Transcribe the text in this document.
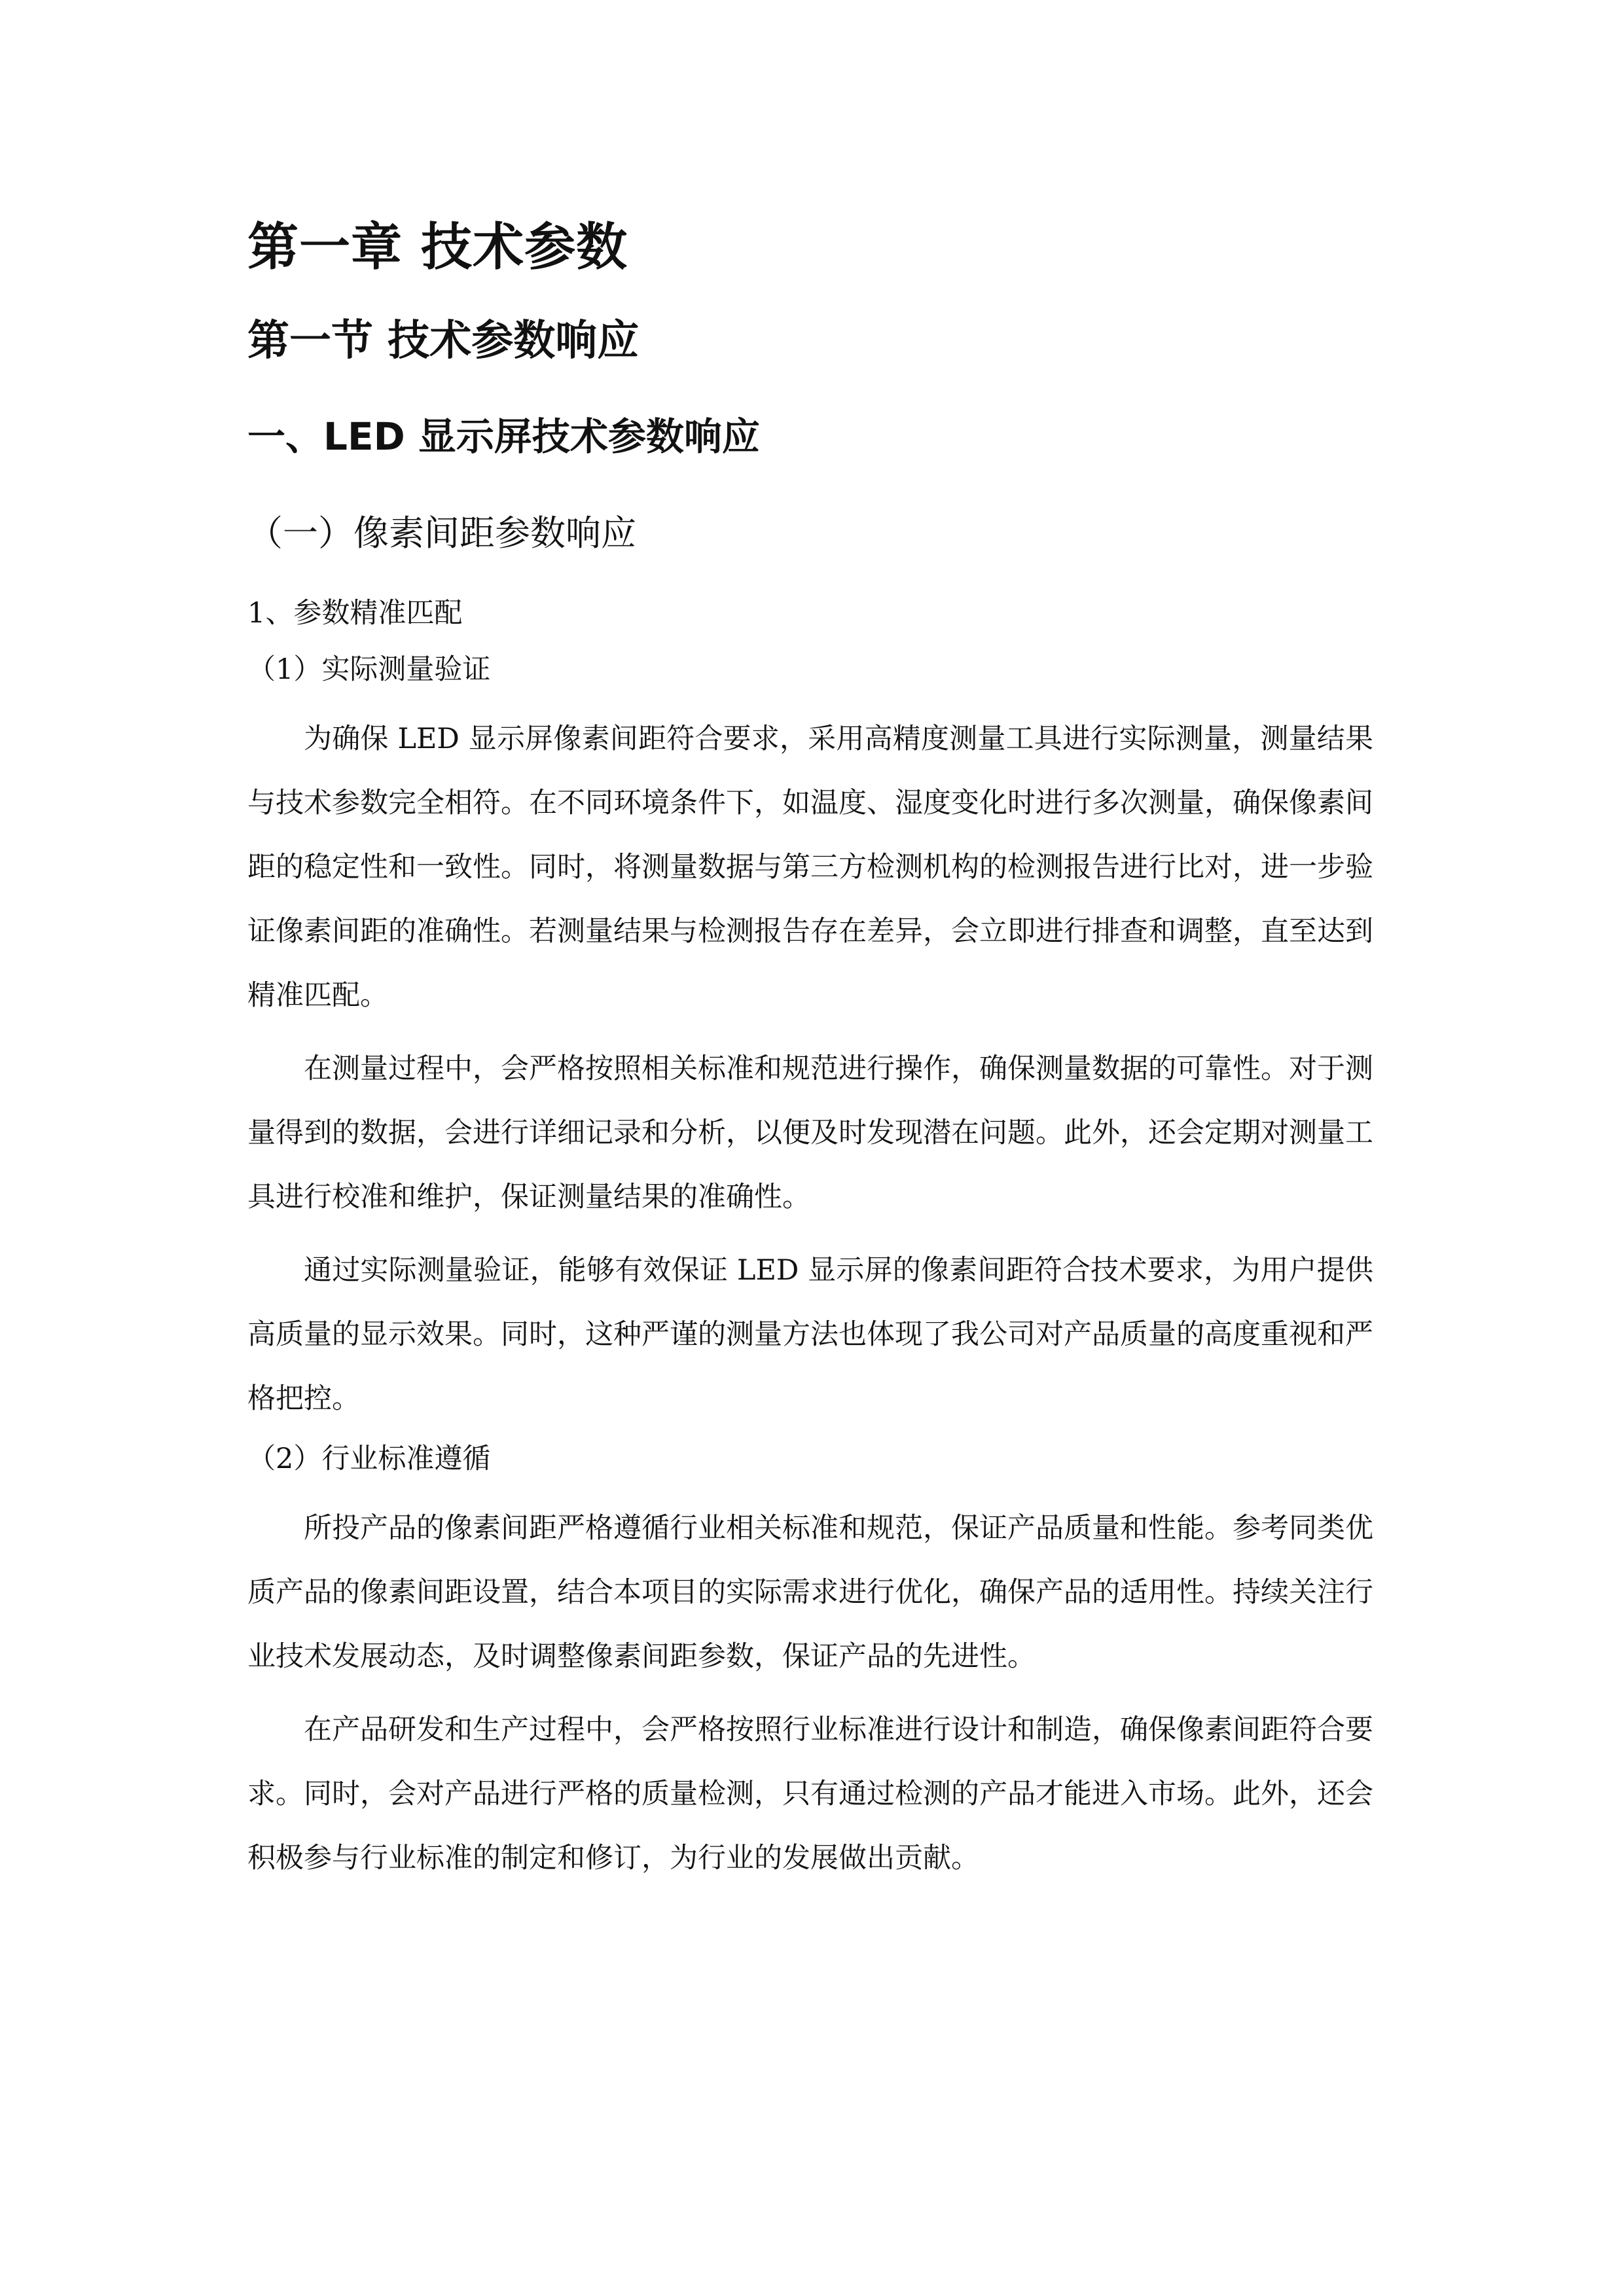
第一章 技术参数
第一节 技术参数响应
一、LED 显示屏技术参数响应
（一）像素间距参数响应
1、参数精准匹配
（1）实际测量验证

为确保 LED 显示屏像素间距符合要求，采用高精度测量工具进行实际测量，测量结果与技术参数完全相符。在不同环境条件下，如温度、湿度变化时进行多次测量，确保像素间距的稳定性和一致性。同时，将测量数据与第三方检测机构的检测报告进行比对，进一步验证像素间距的准确性。若测量结果与检测报告存在差异，会立即进行排查和调整，直至达到精准匹配。

在测量过程中，会严格按照相关标准和规范进行操作，确保测量数据的可靠性。对于测量得到的数据，会进行详细记录和分析，以便及时发现潜在问题。此外，还会定期对测量工具进行校准和维护，保证测量结果的准确性。

通过实际测量验证，能够有效保证 LED 显示屏的像素间距符合技术要求，为用户提供高质量的显示效果。同时，这种严谨的测量方法也体现了我公司对产品质量的高度重视和严格把控。

（2）行业标准遵循

所投产品的像素间距严格遵循行业相关标准和规范，保证产品质量和性能。参考同类优质产品的像素间距设置，结合本项目的实际需求进行优化，确保产品的适用性。持续关注行业技术发展动态，及时调整像素间距参数，保证产品的先进性。

在产品研发和生产过程中，会严格按照行业标准进行设计和制造，确保像素间距符合要求。同时，会对产品进行严格的质量检测，只有通过检测的产品才能进入市场。此外，还会积极参与行业标准的制定和修订，为行业的发展做出贡献。
